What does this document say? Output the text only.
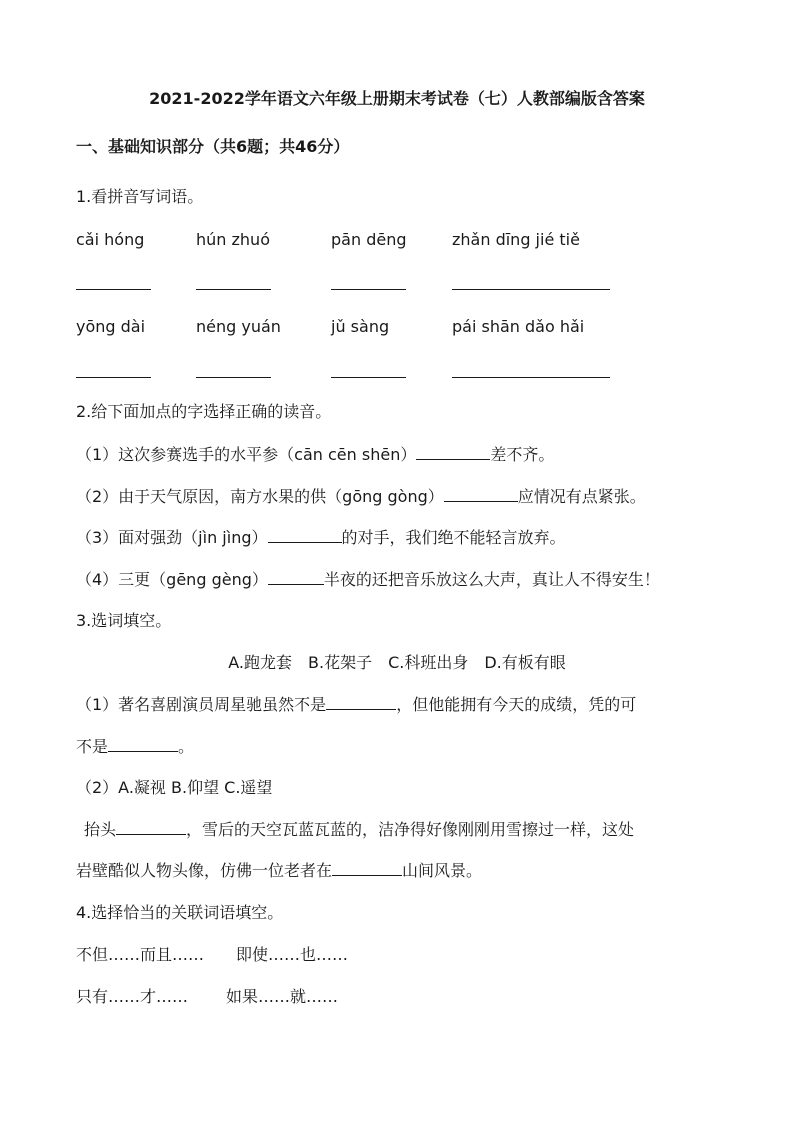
2021-2022学年语文六年级上册期末考试卷（七）人教部编版含答案
一、基础知识部分（共6题；共46分）
1.看拼音写词语。
cǎi hóng	hún zhuó	pān dēng	zhǎn dīng jié tiě
yōng dài	néng yuán	jǔ sàng	pái shān dǎo hǎi
2.给下面加点的字选择正确的读音。
（1）这次参赛选手的水平参（cān cēn shēn）	差不齐。
（2）由于天气原因，南方水果的供（gōng gòng）	应情况有点紧张。
（3）面对强劲（jìn jìng）	的对手，我们绝不能轻言放弃。
（4）三更（gēng gèng）	半夜的还把音乐放这么大声，真让人不得安生！
3.选词填空。
A.跑龙套　B.花架子　C.科班出身　D.有板有眼
（1）著名喜剧演员周星驰虽然不是	，但他能拥有今天的成绩，凭的可
不是	。
（2）A.凝视 B.仰望 C.遥望
抬头	，雪后的天空瓦蓝瓦蓝的，洁净得好像刚刚用雪擦过一样，这处
岩壁酷似人物头像，仿佛一位老者在	山间风景。
4.选择恰当的关联词语填空。
不但……而且…… 即使……也……
只有……才…… 如果……就……
